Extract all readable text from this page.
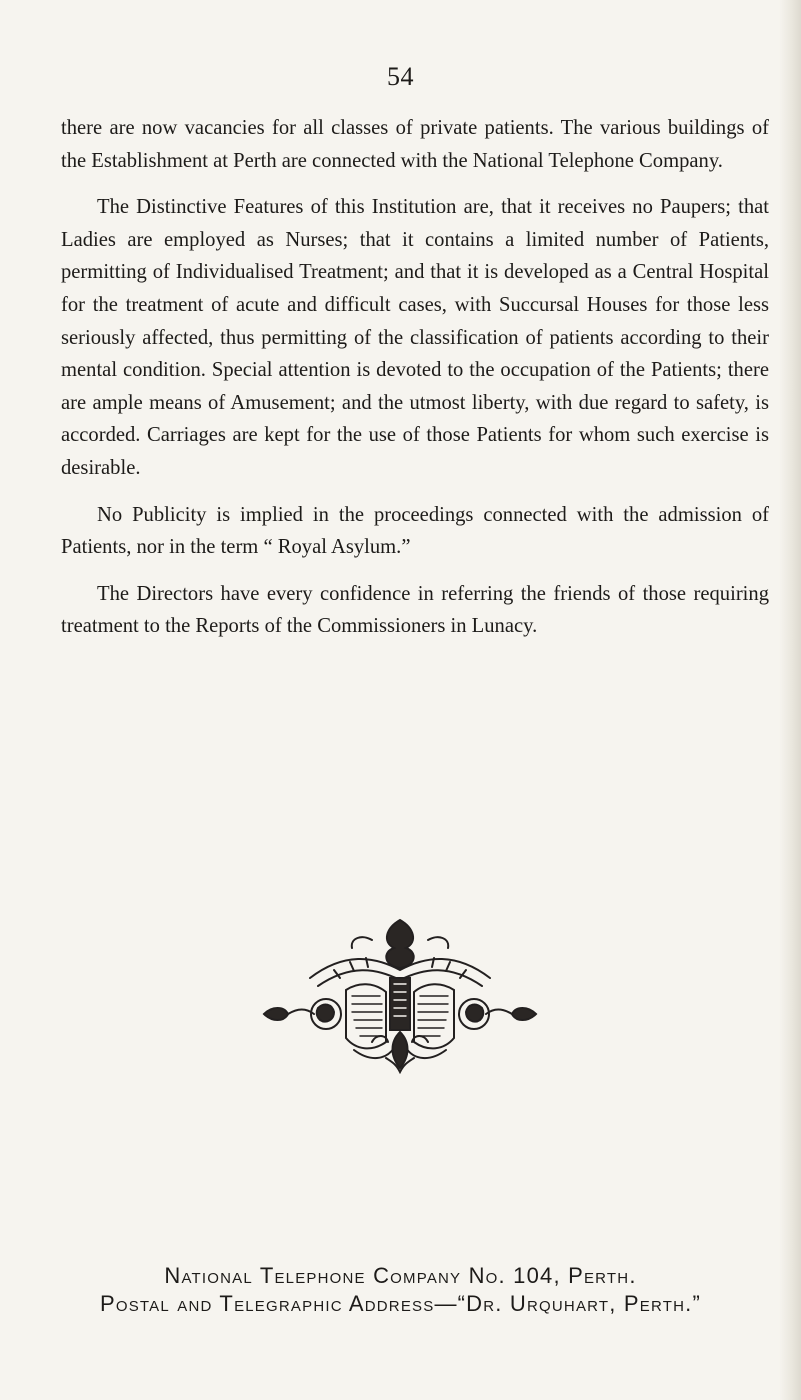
54

there are now vacancies for all classes of private patients. The various buildings of the Establishment at Perth are connected with the National Telephone Company.

The Distinctive Features of this Institution are, that it receives no Paupers; that Ladies are employed as Nurses; that it contains a limited number of Patients, permitting of Individualised Treatment; and that it is developed as a Central Hospital for the treatment of acute and difficult cases, with Succursal Houses for those less seriously affected, thus permitting of the classification of patients according to their mental condition. Special attention is devoted to the occupation of the Patients; there are ample means of Amusement; and the utmost liberty, with due regard to safety, is accorded. Carriages are kept for the use of those Patients for whom such exercise is desirable.

No Publicity is implied in the proceedings connected with the admission of Patients, nor in the term “ Royal Asylum.”

The Directors have every confidence in referring the friends of those requiring treatment to the Reports of the Commissioners in Lunacy.

National Telephone Company No. 104, Perth.
Postal and Telegraphic Address—“Dr. Urquhart, Perth.”
